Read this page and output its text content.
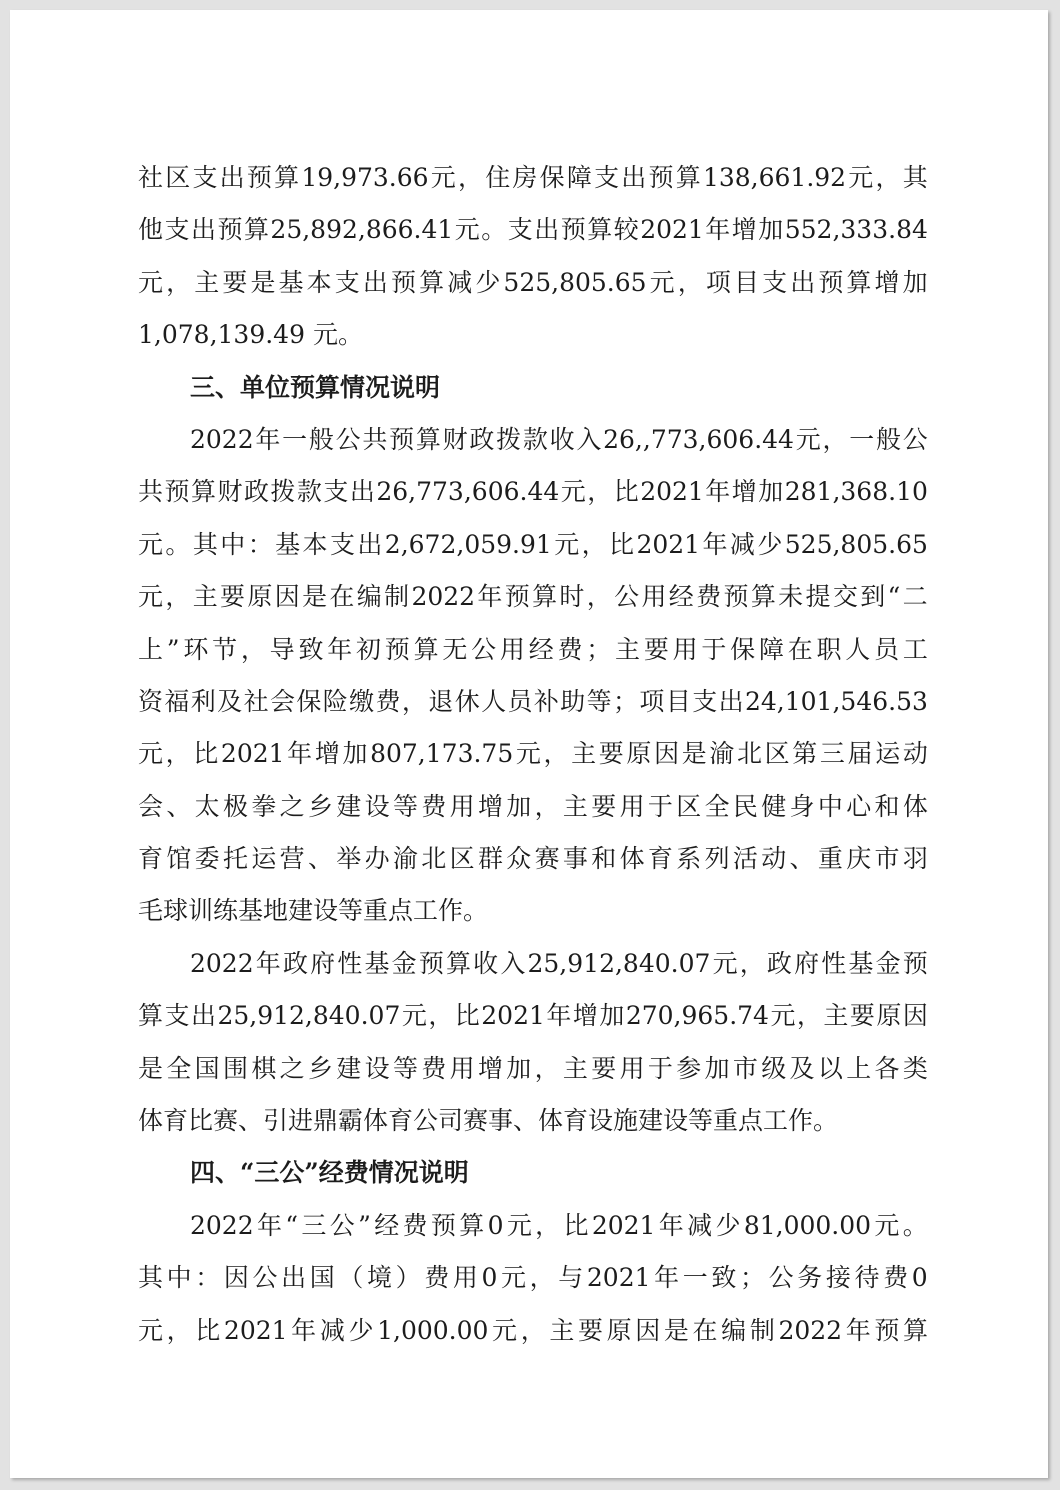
社 区 支 出 预 算 19,973.66 元 ， 住 房 保 障 支 出 预 算 138,661.92 元 ， 其
他 支 出 预 算 25,892,866.41 元 。 支 出 预 算 较 2021 年 增 加 552,333.84
元 ， 主 要 是 基 本 支 出 预 算 减 少 525,805.65 元 ， 项 目 支 出 预 算 增 加
1,078,139.49 元。
三、单位预算情况说明
2022 年 一 般 公 共 预 算 财 政 拨 款 收 入 26,,773,606.44 元 ， 一 般 公
共 预 算 财 政 拨 款 支 出 26,773,606.44 元 ， 比 2021 年 增 加 281,368.10
元 。 其 中 ： 基 本 支 出 2,672,059.91 元 ， 比 2021 年 减 少 525,805.65
元 ， 主 要 原 因 是 在 编 制 2022 年 预 算 时 ， 公 用 经 费 预 算 未 提 交 到 “ 二
上 ” 环 节 ， 导 致 年 初 预 算 无 公 用 经 费 ； 主 要 用 于 保 障 在 职 人 员 工
资 福 利 及 社 会 保 险 缴 费 ， 退 休 人 员 补 助 等 ； 项 目 支 出 24,101,546.53
元 ， 比 2021 年 增 加 807,173.75 元 ， 主 要 原 因 是 渝 北 区 第 三 届 运 动
会 、 太 极 拳 之 乡 建 设 等 费 用 增 加 ， 主 要 用 于 区 全 民 健 身 中 心 和 体
育 馆 委 托 运 营 、 举 办 渝 北 区 群 众 赛 事 和 体 育 系 列 活 动 、 重 庆 市 羽
毛球训练基地建设等重点工作。
2022 年 政 府 性 基 金 预 算 收 入 25,912,840.07 元 ， 政 府 性 基 金 预
算 支 出 25,912,840.07 元 ， 比 2021 年 增 加 270,965.74 元 ， 主 要 原 因
是 全 国 围 棋 之 乡 建 设 等 费 用 增 加 ， 主 要 用 于 参 加 市 级 及 以 上 各 类
体育比赛、引进鼎霸体育公司赛事、体育设施建设等重点工作。
四、“三公”经费情况说明
2022 年 “ 三 公 ” 经 费 预 算 0 元 ， 比 2021 年 减 少 81,000.00 元 。
其 中 ： 因 公 出 国 （ 境 ） 费 用 0 元 ， 与 2021 年 一 致 ； 公 务 接 待 费 0
元 ， 比 2021 年 减 少 1,000.00 元 ， 主 要 原 因 是 在 编 制 2022 年 预 算
